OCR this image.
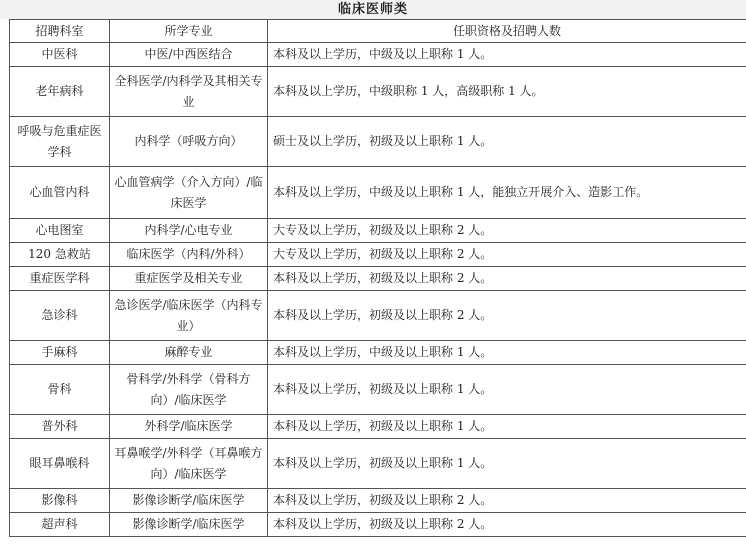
临床医师类
招聘科室	所学专业	任职资格及招聘人数
中医科	中医/中西医结合	本科及以上学历，中级及以上职称 1 人。
老年病科	全科医学/内科学及其相关专业	本科及以上学历，中级职称 1 人，高级职称 1 人。
呼吸与危重症医学科	内科学（呼吸方向）	硕士及以上学历，初级及以上职称 1 人。
心血管内科	心血管病学（介入方向）/临床医学	本科及以上学历，中级及以上职称 1 人，能独立开展介入、造影工作。
心电图室	内科学/心电专业	大专及以上学历，初级及以上职称 2 人。
120 急救站	临床医学（内科/外科）	大专及以上学历，初级及以上职称 2 人。
重症医学科	重症医学及相关专业	本科及以上学历，初级及以上职称 2 人。
急诊科	急诊医学/临床医学（内科专业）	本科及以上学历，初级及以上职称 2 人。
手麻科	麻醉专业	本科及以上学历，中级及以上职称 1 人。
骨科	骨科学/外科学（骨科方向）/临床医学	本科及以上学历，初级及以上职称 1 人。
普外科	外科学/临床医学	本科及以上学历，初级及以上职称 1 人。
眼耳鼻喉科	耳鼻喉学/外科学（耳鼻喉方向）/临床医学	本科及以上学历，初级及以上职称 1 人。
影像科	影像诊断学/临床医学	本科及以上学历，初级及以上职称 2 人。
超声科	影像诊断学/临床医学	本科及以上学历，初级及以上职称 2 人。
